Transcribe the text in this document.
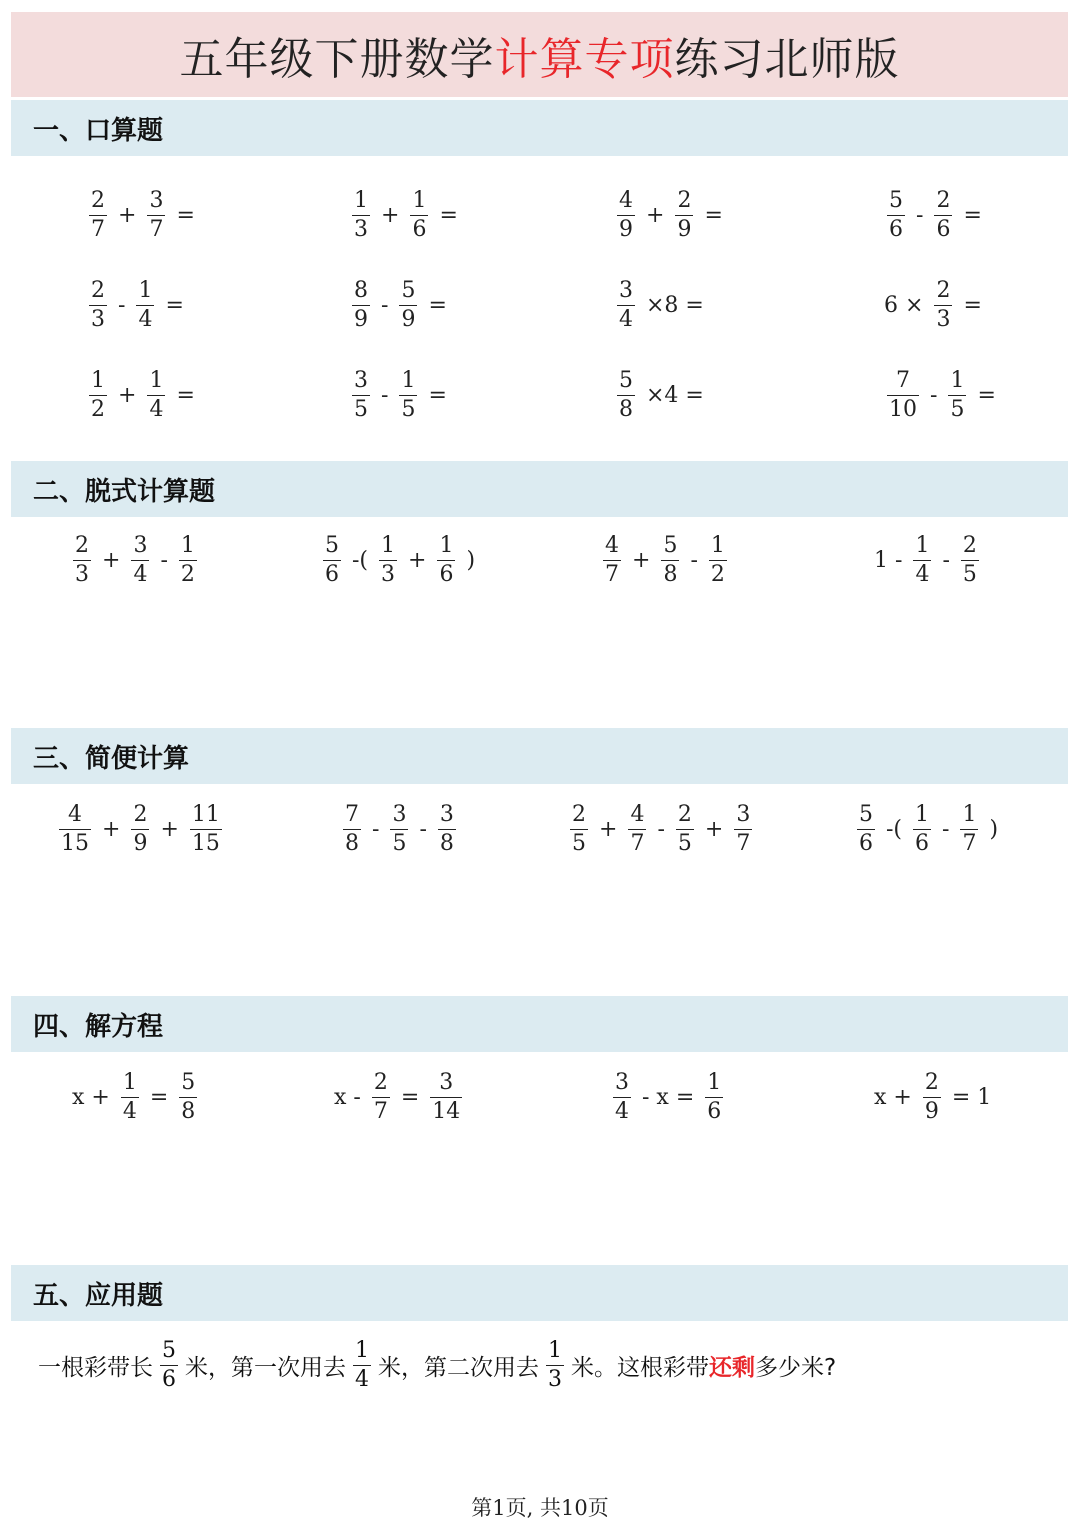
五年级下册数学 计算专项 练习北师版
一、口算题
二、脱式计算题
三、简便计算
四、解方程
五、应用题
$\frac{2}{7} + \frac{3}{7}$ =	$\frac{1}{3} + \frac{1}{6}$ =	$\frac{4}{9} + \frac{2}{9}$ =	$\frac{5}{6} - \frac{2}{6}$ =
$\frac{2}{3} - \frac{1}{4}$ =	$\frac{8}{9} - \frac{5}{9}$ =	$\frac{3}{4} \times 8$ =	$6 \times \frac{2}{3}$ =
$\frac{1}{2} + \frac{1}{4}$ =	$\frac{3}{5} - \frac{1}{5}$ =	$\frac{5}{8} \times 4$ =	$\frac{7}{10} - \frac{1}{5}$ =
$\frac{2}{3} + \frac{3}{4} - \frac{1}{2}$	$\frac{5}{6}$ -( $\frac{1}{3} + \frac{1}{6}$ )	$\frac{4}{7} + \frac{5}{8} - \frac{1}{2}$	$1 - \frac{1}{4} - \frac{2}{5}$
$\frac{4}{15} + \frac{2}{9} + \frac{11}{15}$	$\frac{7}{8} - \frac{3}{5} - \frac{3}{8}$	$\frac{2}{5} + \frac{4}{7} - \frac{2}{5} + \frac{3}{7}$	$\frac{5}{6}$ -( $\frac{1}{6} - \frac{1}{7}$ )
$x + \frac{1}{4} = \frac{5}{8}$	$x - \frac{2}{7} = \frac{3}{14}$	$\frac{3}{4} - x = \frac{1}{6}$	$x + \frac{2}{9} = 1$
一根彩带长 $\frac{5}{6}$ 米，第一次用去 $\frac{1}{4}$ 米，第二次用去 $\frac{1}{3}$ 米。这根彩带 还剩 多少米?
第1页, 共10页
